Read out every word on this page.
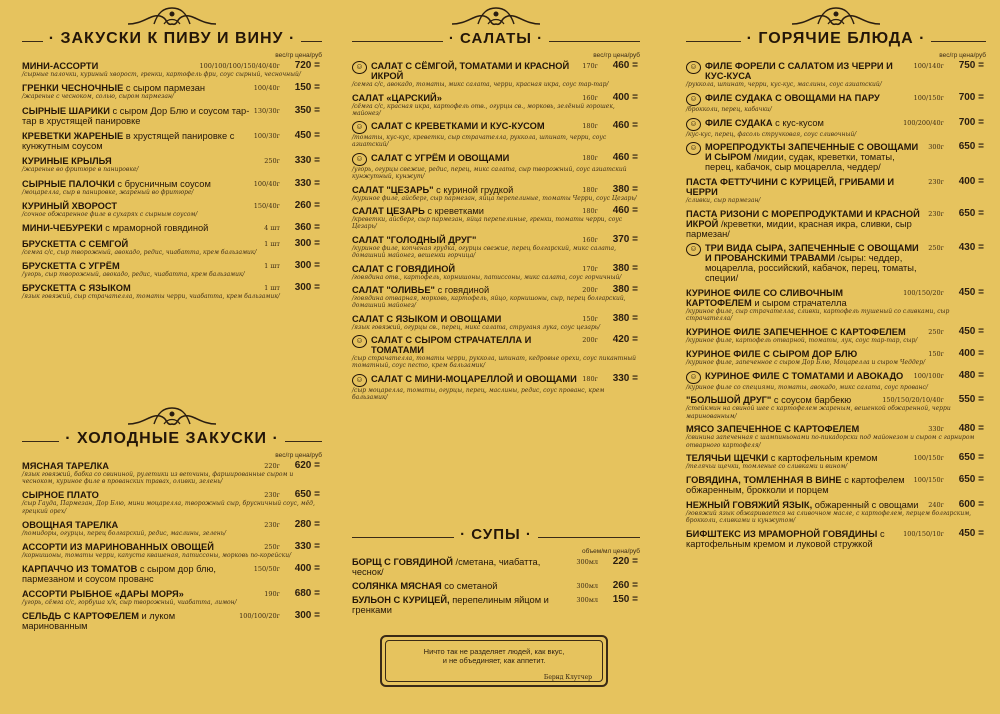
· ЗАКУСКИ К ПИВУ И ВИНУ ·
вес/гр цена/руб
МИНИ-АССОРТИ	100/100/100/150/40/40г	720 =
/сырные палочки, куриный хворост, гренки, картофель фри, соус сырный, чесночный/
ГРЕНКИ ЧЕСНОЧНЫЕ с сыром пармезан	100/40г	150 =
/жареные с чесноком, солью, сыром пармезан/
СЫРНЫЕ ШАРИКИ с сыром Дор Блю и соусом тар-тар в хрустящей панировке
130/30г	350 =
КРЕВЕТКИ ЖАРЕНЫЕ в хрустящей панировке с кунжутным соусом
100/30г	450 =
КУРИНЫЕ КРЫЛЬЯ	250г	330 =
/жареные во фритюре в панировке/
СЫРНЫЕ ПАЛОЧКИ с брусничным соусом	100/40г	330 =
/моцарелла, сыр в панировке, жареный во фритюре/
КУРИНЫЙ ХВОРОСТ	150/40г	260 =
/сочное обжаренное филе в сухарях с сырным соусом/
МИНИ-ЧЕБУРЕКИ с мраморной говядиной	4 шт	360 =
БРУСКЕТТА С СЕМГОЙ	1 шт	300 =
/семга с/с, сыр творожный, авокадо, редис, чиабатта, крем бальзамик/
БРУСКЕТТА С УГРЁМ	1 шт	300 =
/угорь, сыр творожный, авокадо, редис, чиабатта, крем бальзамик/
БРУСКЕТТА С ЯЗЫКОМ	1 шт	300 =
/язык говяжий, сыр страчателла, томаты черри, чиабатта, крем бальзамик/
· ХОЛОДНЫЕ ЗАКУСКИ ·
вес/гр цена/руб
МЯСНАЯ ТАРЕЛКА	220г	620 =
/язык говяжий, бабка со свининой, рулетики из ветчины, фаршированные сыром и чесноком, куриное филе в прованских травах, оливки, зелень/
СЫРНОЕ ПЛАТО	230г	650 =
/сыр Гауда, Пармезан, Дор Блю, мини моцарелла, творожный сыр, брусничный соус, мёд, грецкий орех/
ОВОЩНАЯ ТАРЕЛКА	230г	280 =
/помидоры, огурцы, перец болгарский, редис, маслины, зелень/
АССОРТИ ИЗ МАРИНОВАННЫХ ОВОЩЕЙ	250г	330 =
/корнишоны, томаты черри, капуста квашеная, патиссоны, морковь по-корейски/
КАРПАЧЧО ИЗ ТОМАТОВ с сыром дор блю, пармезаном и соусом прованс
150/50г	400 =
АССОРТИ РЫБНОЕ «ДАРЫ МОРЯ»	190г	680 =
/угорь, сёмга с/с, горбуша х/к, сыр творожный, чиабатта, лимон/
СЕЛЬДЬ С КАРТОФЕЛЕМ и луком маринованным
100/100/20г	300 =
· САЛАТЫ ·
вес/гр цена/руб
☺ САЛАТ С СЁМГОЙ, ТОМАТАМИ И КРАСНОЙ ИКРОЙ
170г	460 =
/семга с/с, авокадо, томаты, микс салата, черри, красная икра, соус тар-тар/
САЛАТ «ЦАРСКИЙ»	160г	400 =
/сёмга с/с, красная икра, картофель отв., огурцы св., морковь, зелёный горошек, майонез/
☺ САЛАТ С КРЕВЕТКАМИ И КУС-КУСОМ	180г	460 =
/томаты, кус-кус, креветки, сыр страчателла, руккола, шпинат, черри, соус азиатский/
☺ САЛАТ С УГРЁМ И ОВОЩАМИ	180г	460 =
/угорь, огурцы свежие, редис, перец, микс салата, сыр творожный, соус азиатский кунжутный, кунжут/
САЛАТ "ЦЕЗАРЬ" с куриной грудкой	180г	380 =
/куриное филе, айсберг, сыр пармезан, яйца перепелиные, томаты Черри, соус Цезарь/
САЛАТ ЦЕЗАРЬ с креветками	180г	460 =
/креветки, айсберг, сыр пармезан, яйца перепелиные, гренки, томаты черри, соус Цезарь/
САЛАТ "ГОЛОДНЫЙ ДРУГ"	160г	370 =
/куриное филе, копченая грудка, огурцы свежие, перец болгарский, микс салата, домашний майонез, вешенки горчица/
САЛАТ С ГОВЯДИНОЙ	170г	380 =
/говядина отв., картофель, корнишоны, патиссоны, микс салата, соус горчичный/
САЛАТ "ОЛИВЬЕ" с говядиной	200г	380 =
/говядина отварная, морковь, картофель, яйцо, корнишоны, сыр, перец болгарский, домашний майонез/
САЛАТ С ЯЗЫКОМ И ОВОЩАМИ	150г	380 =
/язык говяжий, огурцы св., перец, микс салата, струганя лука, соус цезарь/
☺ САЛАТ С СЫРОМ СТРАЧАТЕЛЛА И ТОМАТАМИ
200г	420 =
/сыр страчателла, томаты черри, руккола, шпинат, кедровые орехи, соус пикантный томатный, соус песто, крем бальзамик/
☺ САЛАТ С МИНИ-МОЦАРЕЛЛОЙ И ОВОЩАМИ 180г	330 =
/сыр моцарелла, томаты, огурцы, перец, маслины, редис, соус прованс, крем бальзамик/
· СУПЫ ·
объем/мл цена/руб
БОРЩ С ГОВЯДИНОЙ /сметана, чиабатта, чеснок/
300мл	220 =
СОЛЯНКА МЯСНАЯ со сметаной	300мл	260 =
БУЛЬОН С КУРИЦЕЙ, перепелиным яйцом и гренками
300мл	150 =
· ГОРЯЧИЕ БЛЮДА ·
вес/гр цена/руб
☺ ФИЛЕ ФОРЕЛИ С САЛАТОМ ИЗ ЧЕРРИ И КУС-КУСА
100/140г	750 =
/руккола, шпинат, черри, кус-кус, маслины, соус азиатский/
☺ ФИЛЕ СУДАКА С ОВОЩАМИ НА ПАРУ	100/150г	700 =
/брокколи, перец, кабачки/
☺ ФИЛЕ СУДАКА с кус-кусом	100/200/40г	700 =
/кус-кус, перец, фасоль стручковая, соус сливочный/
☺ МОРЕПРОДУКТЫ ЗАПЕЧЕННЫЕ С ОВОЩАМИ И СЫРОМ /мидии, судак, креветки, томаты, перец, кабачок, сыр моцарелла, чеддер/
300г	650 =
ПАСТА ФЕТТУЧИНИ С КУРИЦЕЙ, ГРИБАМИ И ЧЕРРИ
230г	400 =
/сливки, сыр пармезан/
ПАСТА РИЗОНИ С МОРЕПРОДУКТАМИ И КРАСНОЙ ИКРОЙ /креветки, мидии, красная икра, сливки, сыр пармезан/
230г	650 =
☺ ТРИ ВИДА СЫРА, ЗАПЕЧЕННЫЕ С ОВОЩАМИ И ПРОВАНСКИМИ ТРАВАМИ /сыры: чеддер, моцарелла, российский, кабачок, перец, томаты, специи/
250г	430 =
КУРИНОЕ ФИЛЕ СО СЛИВОЧНЫМ КАРТОФЕЛЕМ и сыром страчателла
100/150/20г	450 =
/куриное филе, сыр страчателла, сливки, картофель тушеный со сливками, сыр страчателла/
КУРИНОЕ ФИЛЕ ЗАПЕЧЕННОЕ С КАРТОФЕЛЕМ	250г	450 =
/куриное филе, картофель отварной, томаты, лук, соус тар-тар, сыр/
КУРИНОЕ ФИЛЕ С СЫРОМ ДОР БЛЮ	150г	400 =
/куриное филе, запеченное с сыром Дор Блю, Моцарелла и сыром Чеддер/
☺ КУРИНОЕ ФИЛЕ С ТОМАТАМИ И АВОКАДО 100/100г	480 =
/куриное филе со специями, томаты, авокадо, микс салата, соус прованс/
"БОЛЬШОЙ ДРУГ" с соусом барбекю	150/150/20/10/40г	550 =
/стейкмин на свиной шее с картофелем жареным, вешенкой обжаренной, черри маринованным/
МЯСО ЗАПЕЧЕННОЕ С КАРТОФЕЛЕМ	330г	480 =
/свинина запеченная с шампиньонами по-пикадорски под майонезом и сыром с гарниром отварного картофеля/
ТЕЛЯЧЬИ ЩЕЧКИ с картофельным кремом	100/150г	650 =
/телячьи щечки, томленые со сливками и вином/
ГОВЯДИНА, ТОМЛЕННАЯ В ВИНЕ с картофелем обжаренным, брокколи и порцем
100/150г	650 =
НЕЖНЫЙ ГОВЯЖИЙ ЯЗЫК, обжаренный с овощами 240г	600 =
/говяжий язык обжаривается на сливочном масле, с картофелем, перцем болгарским, брокколи, сливками и кунжутом/
БИФШТЕКС ИЗ МРАМОРНОЙ ГОВЯДИНЫ с картофельным кремом и луковой стружкой
100/150/10г	450 =
Ничто так не разделяет людей, как вкус,
и не объединяет, как аппетит.
Бернд Клутчер
